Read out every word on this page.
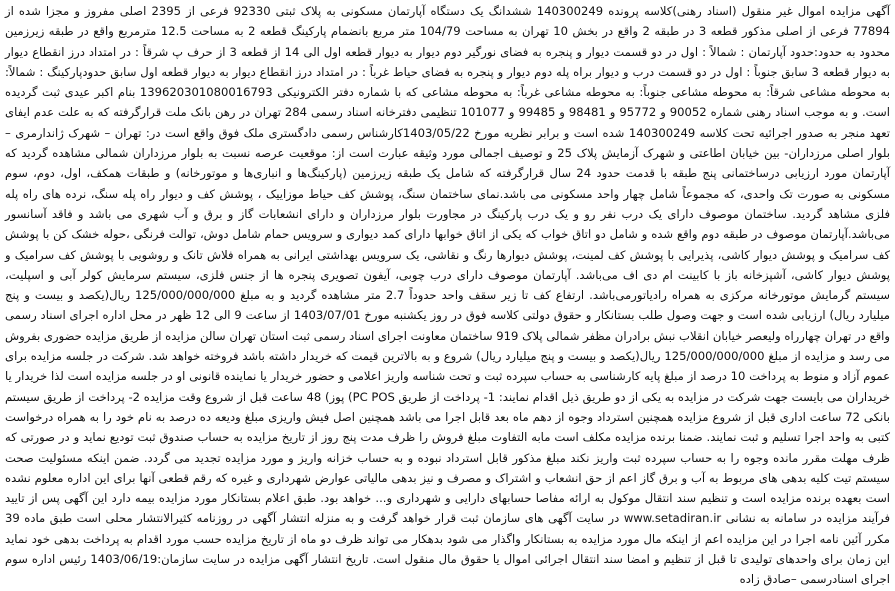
آگهی مزایده اموال غیر منقول (اسناد رهنی)کلاسه پرونده 140300249 ششدانگ یک دستگاه آپارتمان مسکونی به پلاک ثبتی 92330 فرعی از 2395 اصلی مفروز و مجزا شده از 77894 فرعی از اصلی مذکور قطعه 3 در طبقه 2 واقع در بخش 10 تهران به مساحت 104/79 متر مربع بانضمام پارکینگ قطعه 2 به مساحت 12.5 مترمربع واقع در طبقه زیرزمین محدود به حدود:حدود آپارتمان : شمالاً : اول در دو قسمت دیوار و پنجره به فضای نورگیر دوم دیوار به دیوار قطعه اول الی 14 از قطعه 3 از حرف پ شرقاً : در امتداد درز انقطاع دیوار به دیوار قطعه 3 سابق جنوباً : اول در دو قسمت درب و دیوار براه پله دوم دیوار و پنجره به فضای حیاط غرباً : در امتداد درز انقطاع دیوار به دیوار قطعه اول سابق حدودپارکینگ : شمالاً: به محوطه مشاعی شرقاً: به محوطه مشاعی جنوباً: به محوطه مشاعی غرباً: به محوطه مشاعی که با شماره دفتر الکترونیکی 139620301080016793 بنام اکبر عیدی ثبت گردیده است. و به موجب اسناد رهنی شماره 90052 و 95772 و 98481 و 99485 و 101077 تنظیمی دفترخانه اسناد رسمی 284 تهران در رهن بانک ملت قرارگرفته که به علت عدم ایفای تعهد منجر به صدور اجرائیه تحت کلاسه 140300249 شده است و برابر نظریه مورخ 1403/05/22کارشناس رسمی دادگستری ملک فوق واقع است در: تهران – شهرک ژاندارمری –بلوار اصلی مرزداران- بین خیابان اطاعتی و شهرک آزمایش پلاک 25 و توصیف اجمالی مورد وثیقه عبارت است از: موقعیت عرصه نسبت به بلوار مرزداران شمالی مشاهده گردید که آپارتمان مورد ارزیابی درساختمانی پنج طبقه با قدمت حدود 24 سال قرارگرفته که شامل یک طبقه زیرزمین (پارکینگ‌ها و انباری‌ها و موتورخانه) و طبقات همکف، اول، دوم، سوم مسکونی به صورت تک واحدی، که مجموعاً شامل چهار واحد مسکونی می باشد.نمای ساختمان سنگ، پوشش کف حیاط موزاییک ، پوشش کف و دیوار راه پله سنگ، نرده های راه پله فلزی مشاهد گردید. ساختمان موصوف دارای یک درب نفر رو و یک درب پارکینگ در مجاورت بلوار مرزداران و دارای انشعابات گاز و برق و آب شهری می باشد و فاقد آسانسور می‌باشد.آپارتمان موصوف در طبقه دوم واقع شده و شامل دو اتاق خواب که یکی از اتاق خوابها دارای کمد دیواری و سرویس حمام شامل دوش، توالت فرنگی ،حوله خشک کن با پوشش کف سرامیک و پوشش دیوار کاشی، پذیرایی با پوشش کف لمینت، پوشش دیوارها رنگ و نقاشی، یک سرویس بهداشتی ایرانی به همراه فلاش تانک و روشویی با پوشش کف سرامیک و پوشش دیوار کاشی، آشپزخانه باز با کابینت ام دی اف می‌باشد. آپارتمان موصوف دارای درب چوبی، آیفون تصویری پنجره ها از جنس فلزی، سیستم سرمایش کولر آبی و اسپلیت، سیستم گرمایش موتورخانه مرکزی به همراه رادیاتورمی‌باشد. ارتفاع کف تا زیر سقف واحد حدوداً 2.7 متر مشاهده گردید و به مبلغ 125/000/000/000 ریال(یکصد و بیست و پنج میلیارد ریال) ارزیابی شده است و جهت وصول طلب بستانکار و حقوق دولتی کلاسه فوق در روز یکشنبه مورخ 1403/07/01 از ساعت 9 الی 12 ظهر در محل اداره اجرای اسناد رسمی واقع در تهران چهارراه ولیعصر خیابان انقلاب نبش برادران مظفر شمالی پلاک 919 ساختمان معاونت اجرای اسناد رسمی ثبت استان تهران سالن مزایده از طریق مزایده حضوری بفروش می رسد و مزایده از مبلغ 125/000/000/000 ریال(یکصد و بیست و پنج میلیارد ریال) شروع و به بالاترین قیمت که خریدار داشته باشد فروخته خواهد شد. شرکت در جلسه مزایده برای عموم آزاد و منوط به پرداخت 10 درصد از مبلغ پایه کارشناسی به حساب سپرده ثبت و تحت شناسه واریز اعلامی و حضور خریدار یا نماینده قانونی او در جلسه مزایده است لذا خریدار یا خریداران می بایست جهت شرکت در مزایده به یکی از دو طریق ذیل اقدام نمایند: 1- پرداخت از طریق PC POS) پوز) 48 ساعت قبل از شروع وقت مزایده 2- پرداخت از طریق سیستم بانکی 72 ساعت اداری قبل از شروع مزایده همچنین استرداد وجوه از دهم ماه بعد قابل اجرا می باشد همچنین اصل فیش واریزی مبلغ ودیعه ده درصد به نام خود را به همراه درخواست کتبی به واحد اجرا تسلیم و ثبت نمایند. ضمنا برنده مزایده مکلف است مابه التفاوت مبلغ فروش را ظرف مدت پنج روز از تاریخ مزایده به حساب صندوق ثبت تودیع نماید و در صورتی که ظرف مهلت مقرر مانده وجوه را به حساب سپرده ثبت واریز نکند مبلغ مذکور قابل استرداد نبوده و به حساب خزانه واریز و مورد مزایده تجدید می گردد. ضمن اینکه مسئولیت صحت سیستم تیت کلیه بدهی های مربوط به آب و برق گاز اعم از حق انشعاب و اشتراک و مصرف و نیز بدهی مالیاتی عوارض شهرداری و غیره که رقم قطعی آنها برای این اداره معلوم نشده است بعهده برنده مزایده است و تنظیم سند انتقال موکول به ارائه مفاصا حسابهای دارایی و شهرداری و... خواهد بود. طبق اعلام بستانکار مورد مزایده بیمه دارد این آگهی پس از تایید فرآیند مزایده در سامانه به نشانی www.setadiran.ir در سایت آگهی های سازمان ثبت قرار خواهد گرفت و به منزله انتشار آگهی در روزنامه کثیرالانتشار محلی است طبق ماده 39 مکرر آئین نامه اجرا در این مزایده اعم از اینکه مال مورد مزایده به بستانکار واگذار می شود بدهکار می تواند ظرف دو ماه از تاریخ مزایده حسب مورد اقدام به پرداخت بدهی خود نماید این زمان برای واحدهای تولیدی تا قبل از تنظیم و امضا سند انتقال اجرائی اموال یا حقوق مال منقول است. تاریخ انتشار آگهی مزایده در سایت سازمان:1403/06/19 رئیس اداره سوم اجرای اسنادرسمی –صادق زاده
